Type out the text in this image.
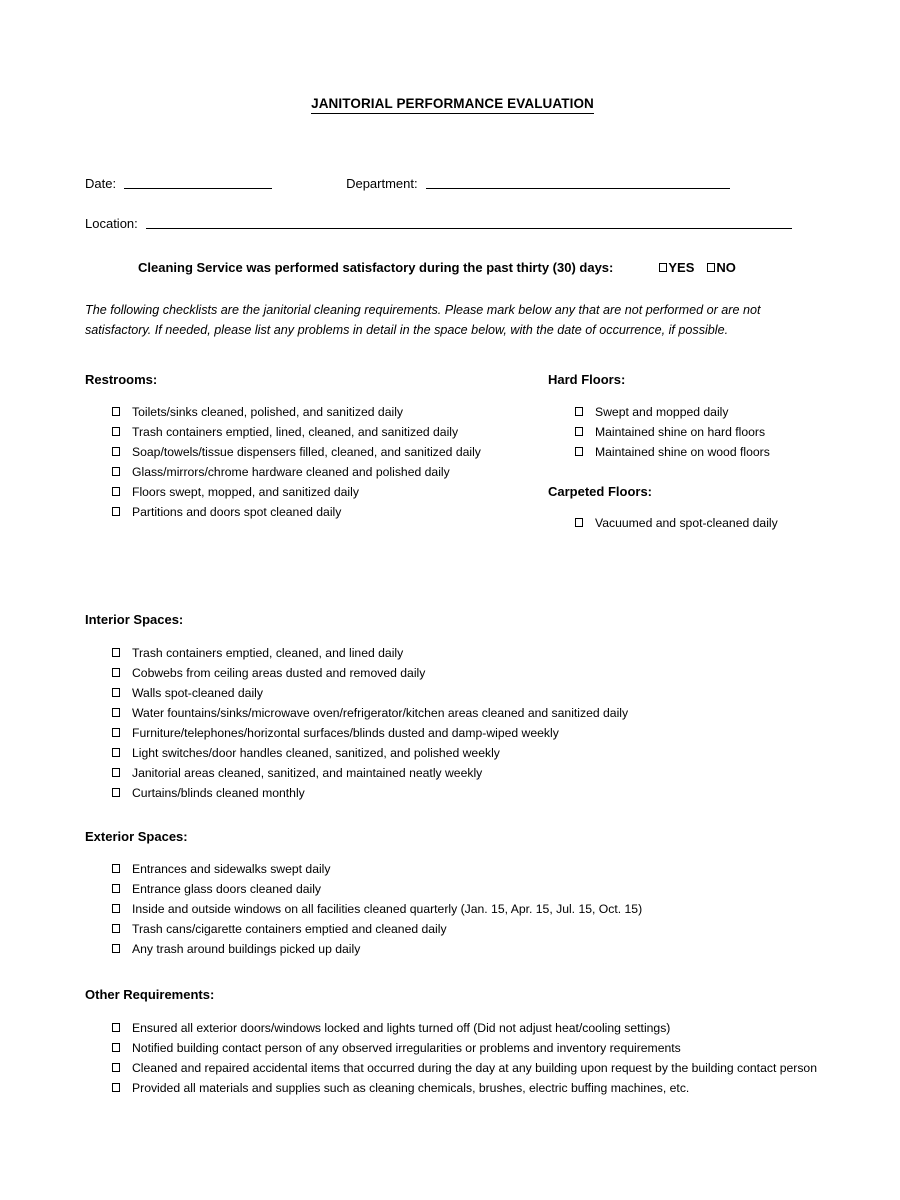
JANITORIAL PERFORMANCE EVALUATION
Date:	Department:
Location:
Cleaning Service was performed satisfactory during the past thirty (30) days:	YES NO
The following checklists are the janitorial cleaning requirements. Please mark below any that are not performed or are not satisfactory. If needed, please list any problems in detail in the space below, with the date of occurrence, if possible.
Restrooms:
Toilets/sinks cleaned, polished, and sanitized daily
Trash containers emptied, lined, cleaned, and sanitized daily
Soap/towels/tissue dispensers filled, cleaned, and sanitized daily
Glass/mirrors/chrome hardware cleaned and polished daily
Floors swept, mopped, and sanitized daily
Partitions and doors spot cleaned daily
Hard Floors:
Swept and mopped daily
Maintained shine on hard floors
Maintained shine on wood floors
Carpeted Floors:
Vacuumed and spot-cleaned daily
Interior Spaces:
Trash containers emptied, cleaned, and lined daily
Cobwebs from ceiling areas dusted and removed daily
Walls spot-cleaned daily
Water fountains/sinks/microwave oven/refrigerator/kitchen areas cleaned and sanitized daily
Furniture/telephones/horizontal surfaces/blinds dusted and damp-wiped weekly
Light switches/door handles cleaned, sanitized, and polished weekly
Janitorial areas cleaned, sanitized, and maintained neatly weekly
Curtains/blinds cleaned monthly
Exterior Spaces:
Entrances and sidewalks swept daily
Entrance glass doors cleaned daily
Inside and outside windows on all facilities cleaned quarterly (Jan. 15, Apr. 15, Jul. 15, Oct. 15)
Trash cans/cigarette containers emptied and cleaned daily
Any trash around buildings picked up daily
Other Requirements:
Ensured all exterior doors/windows locked and lights turned off (Did not adjust heat/cooling settings)
Notified building contact person of any observed irregularities or problems and inventory requirements
Cleaned and repaired accidental items that occurred during the day at any building upon request by the building contact person
Provided all materials and supplies such as cleaning chemicals, brushes, electric buffing machines, etc.
